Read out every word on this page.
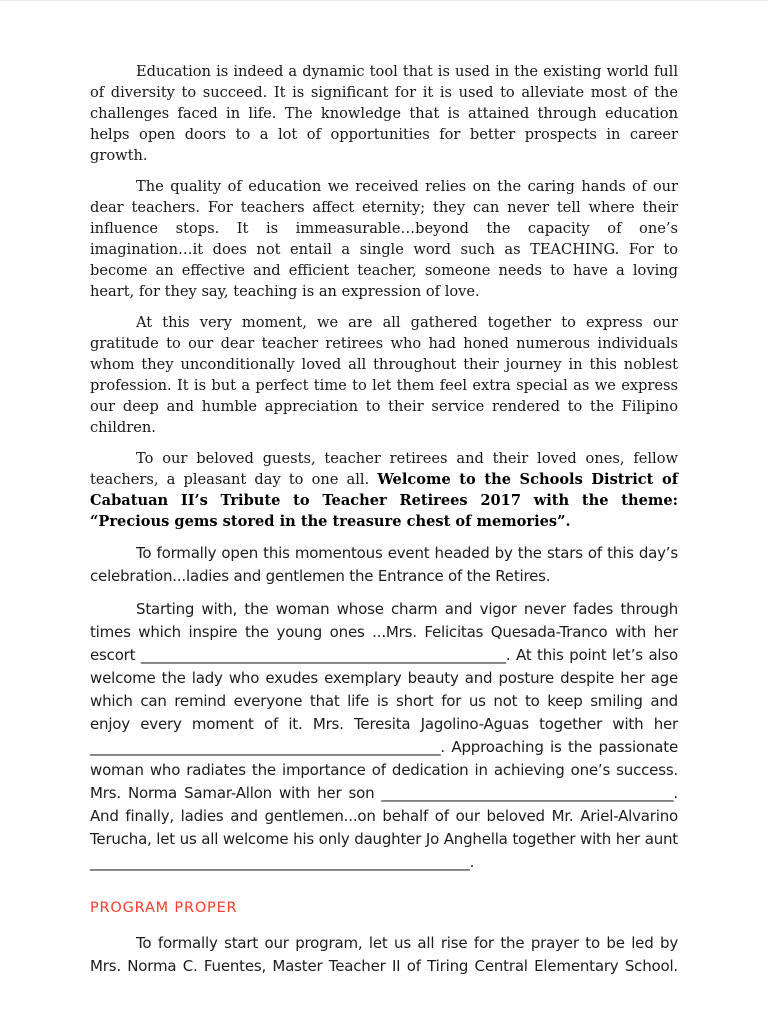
Education is indeed a dynamic tool that is used in the existing world full of diversity to succeed. It is significant for it is used to alleviate most of the challenges faced in life. The knowledge that is attained through education helps open doors to a lot of opportunities for better prospects in career growth.

The quality of education we received relies on the caring hands of our dear teachers. For teachers affect eternity; they can never tell where their influence stops. It is immeasurable…beyond the capacity of one’s imagination…it does not entail a single word such as TEACHING. For to become an effective and efficient teacher, someone needs to have a loving heart, for they say, teaching is an expression of love.

At this very moment, we are all gathered together to express our gratitude to our dear teacher retirees who had honed numerous individuals whom they unconditionally loved all throughout their journey in this noblest profession. It is but a perfect time to let them feel extra special as we express our deep and humble appreciation to their service rendered to the Filipino children.

To our beloved guests, teacher retirees and their loved ones, fellow teachers, a pleasant day to one all. Welcome to the Schools District of Cabatuan II’s Tribute to Teacher Retirees 2017 with the theme: “Precious gems stored in the treasure chest of memories”.

To formally open this momentous event headed by the stars of this day’s celebration...ladies and gentlemen the Entrance of the Retires.

Starting with, the woman whose charm and vigor never fades through times which inspire the young ones ...Mrs. Felicitas Quesada-Tranco with her escort __________________________________________________. At this point let’s also welcome the lady who exudes exemplary beauty and posture despite her age which can remind everyone that life is short for us not to keep smiling and enjoy every moment of it. Mrs. Teresita Jagolino-Aguas together with her ________________________________________________. Approaching is the passionate woman who radiates the importance of dedication in achieving one’s success. Mrs. Norma Samar-Allon with her son ________________________________________. And finally, ladies and gentlemen...on behalf of our beloved Mr. Ariel-Alvarino Terucha, let us all welcome his only daughter Jo Anghella together with her aunt ____________________________________________________.

PROGRAM PROPER

To formally start our program, let us all rise for the prayer to be led by Mrs. Norma C. Fuentes, Master Teacher II of Tiring Central Elementary School.
